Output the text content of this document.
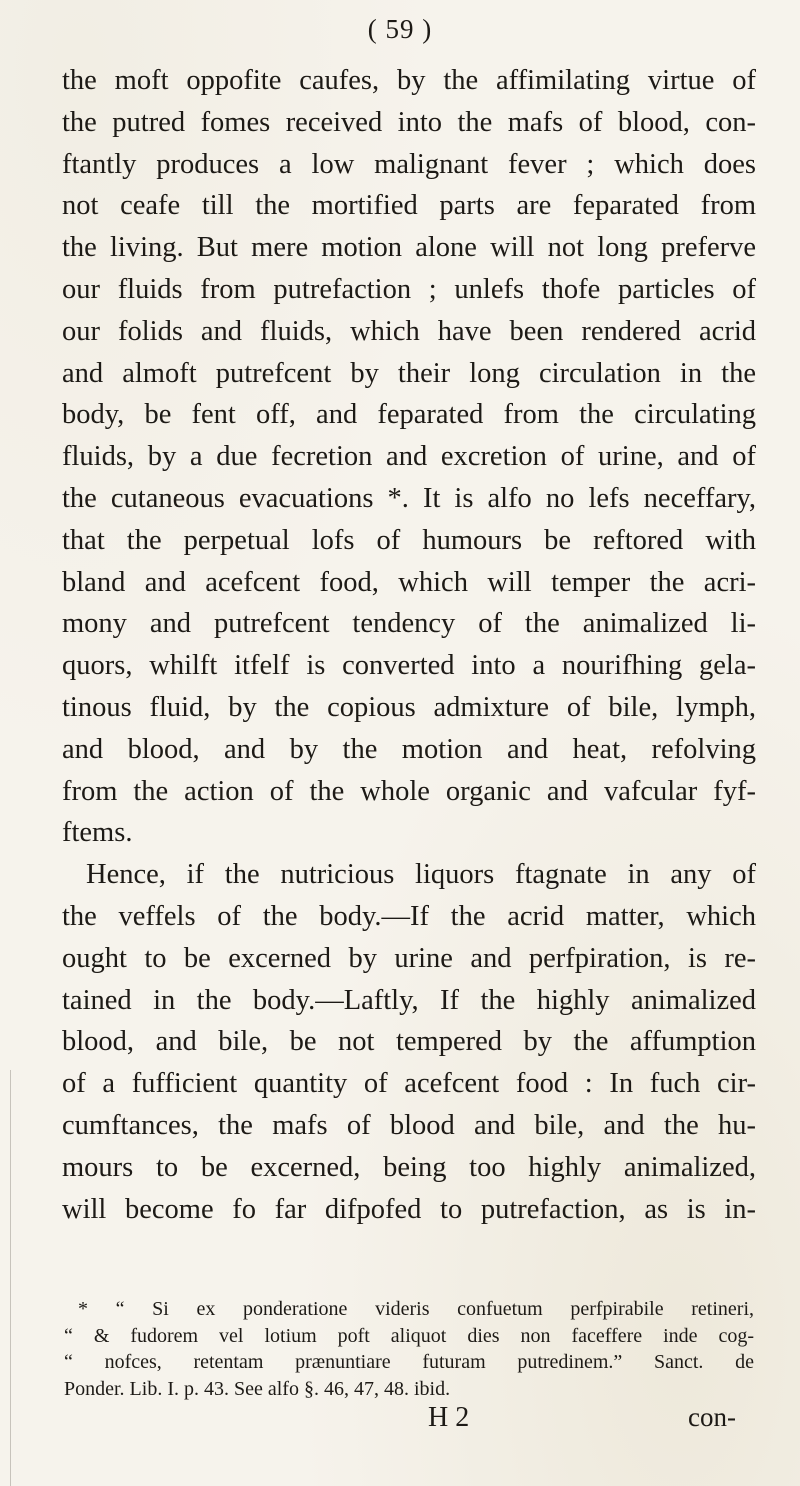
( 59 )
the moft oppofite caufes, by the affimilating virtue of
the putred fomes received into the mafs of blood, con-
ftantly produces a low malignant fever ; which does
not ceafe till the mortified parts are feparated from
the living. But mere motion alone will not long preferve
our fluids from putrefaction ; unlefs thofe particles of
our folids and fluids, which have been rendered acrid
and almoft putrefcent by their long circulation in the
body, be fent off, and feparated from the circulating
fluids, by a due fecretion and excretion of urine, and of
the cutaneous evacuations *. It is alfo no lefs neceffary,
that the perpetual lofs of humours be reftored with
bland and acefcent food, which will temper the acri-
mony and putrefcent tendency of the animalized li-
quors, whilft itfelf is converted into a nourifhing gela-
tinous fluid, by the copious admixture of bile, lymph,
and blood, and by the motion and heat, refolving
from the action of the whole organic and vafcular fyf-
ftems.
Hence, if the nutricious liquors ftagnate in any of
the veffels of the body.—If the acrid matter, which
ought to be excerned by urine and perfpiration, is re-
tained in the body.—Laftly, If the highly animalized
blood, and bile, be not tempered by the affumption
of a fufficient quantity of acefcent food : In fuch cir-
cumftances, the mafs of blood and bile, and the hu-
mours to be excerned, being too highly animalized,
will become fo far difpofed to putrefaction, as is in-
* “ Si ex ponderatione videris confuetum perfpirabile retineri,
“ & fudorem vel lotium poft aliquot dies non faceffere inde cog-
“ nofces, retentam prænuntiare futuram putredinem.” Sanct. de
Ponder. Lib. I. p. 43. See alfo §. 46, 47, 48. ibid.
H 2	con-
